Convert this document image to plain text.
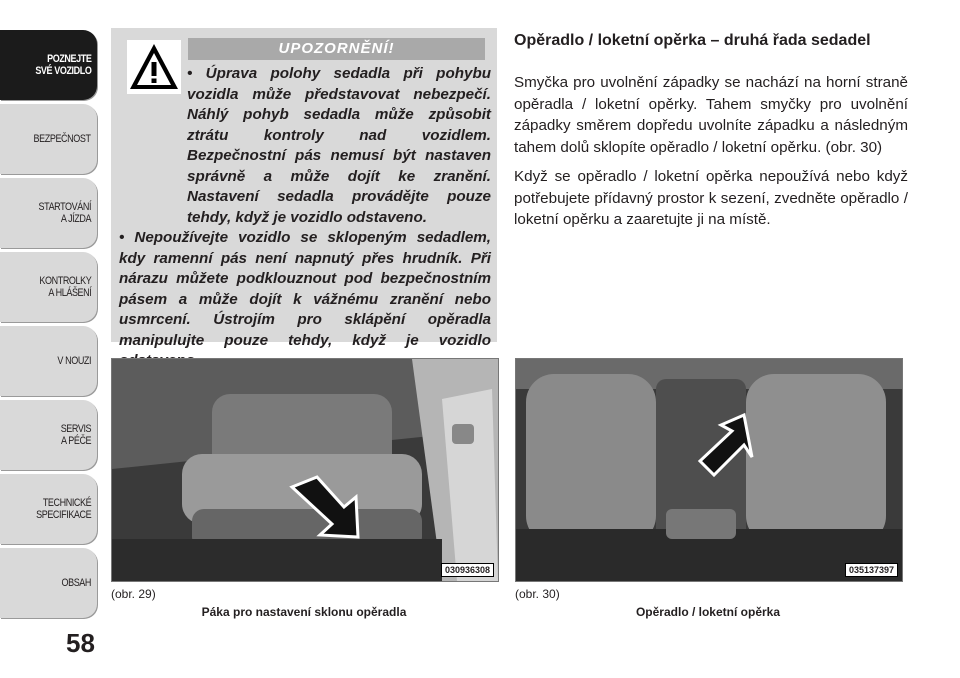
POZNEJTE
SVÉ VOZIDLO
BEZPEČNOST
STARTOVÁNÍ
A JÍZDA
KONTROLKY
A HLÁŠENÍ
V NOUZI
SERVIS
A PÉČE
TECHNICKÉ
SPECIFIKACE
OBSAH
58
UPOZORNĚNÍ!

• Úprava polohy sedadla při pohybu vozidla může představovat nebezpečí. Náhlý pohyb sedadla může způsobit ztrátu kontroly nad vozidlem. Bezpečnostní pás nemusí být nastaven správně a může dojít ke zranění. Nastavení sedadla provádějte pouze tehdy, když je vozidlo odstaveno.

• Nepoužívejte vozidlo se sklopeným sedadlem, kdy ramenní pás není napnutý přes hrudník. Při nárazu můžete podklouznout pod bezpečnostním pásem a může dojít k vážnému zranění nebo usmrcení. Ústrojím pro sklápění opěradla manipulujte pouze tehdy, když je vozidlo

Opěradlo / loketní opěrka – druhá řada sedadel

Smyčka pro uvolnění západky se nachází na horní straně opěradla / loketní opěrky. Tahem smyčky pro uvolnění západky směrem dopředu uvolníte západku a následným tahem dolů sklopíte opěradlo / loketní opěrku. (obr. 30)

Když se opěradlo / loketní opěrka nepoužívá nebo když potřebujete přídavný prostor k sezení, zvedněte opěradlo / loketní opěrku a zaaretujte ji na místě.

030936308
(obr. 29)
Páka pro nastavení sklonu opěradla
035137397
(obr. 30)
Opěradlo / loketní opěrka
